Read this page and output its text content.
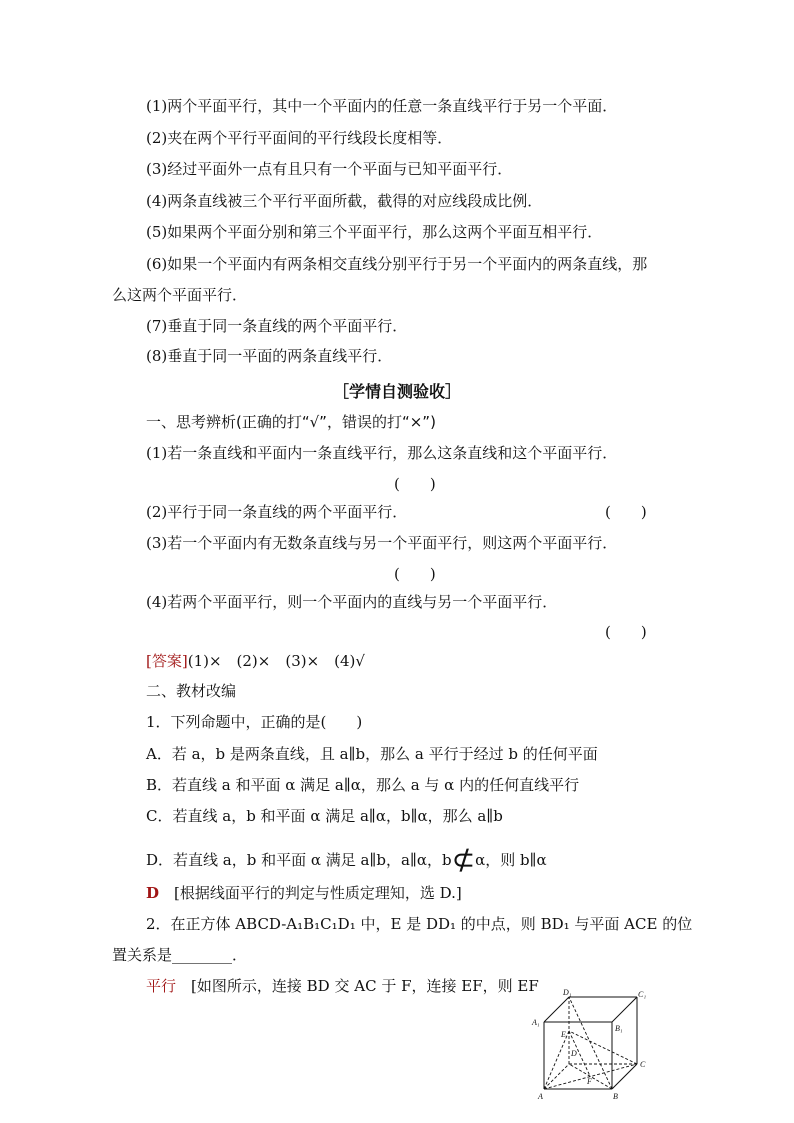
(1)两个平面平行，其中一个平面内的任意一条直线平行于另一个平面．
(2)夹在两个平行平面间的平行线段长度相等．
(3)经过平面外一点有且只有一个平面与已知平面平行．
(4)两条直线被三个平行平面所截，截得的对应线段成比例．
(5)如果两个平面分别和第三个平面平行，那么这两个平面互相平行．
(6)如果一个平面内有两条相交直线分别平行于另一个平面内的两条直线，那
么这两个平面平行．
(7)垂直于同一条直线的两个平面平行．
(8)垂直于同一平面的两条直线平行．
［学情自测验收］
一、思考辨析(正确的打“√”，错误的打“×”)
(1)若一条直线和平面内一条直线平行，那么这条直线和这个平面平行．
(　　)
(2)平行于同一条直线的两个平面平行．	(　　)
(3)若一个平面内有无数条直线与另一个平面平行，则这两个平面平行．
(　　)
(4)若两个平面平行，则一个平面内的直线与另一个平面平行．
(　　)
[答案](1)×　(2)×　(3)×　(4)√
二、教材改编
1．下列命题中，正确的是(　　)
A．若 a，b 是两条直线，且 a∥b，那么 a 平行于经过 b 的任何平面
B．若直线 a 和平面 α 满足 a∥α，那么 a 与 α 内的任何直线平行
C．若直线 a，b 和平面 α 满足 a∥α，b∥α，那么 a∥b
D．若直线 a，b 和平面 α 满足 a∥b，a∥α，b⊄α，则 b∥α
D　 [根据线面平行的判定与性质定理知，选 D.]
2．在正方体 ABCD-A₁B₁C₁D₁ 中，E 是 DD₁ 的中点，则 BD₁ 与平面 ACE 的位
置关系是________．
平行　 [如图所示，连接 BD 交 AC 于 F，连接 EF，则 EF	D₁	C₁
A₁
B₁
E
D
C
F
A	B
